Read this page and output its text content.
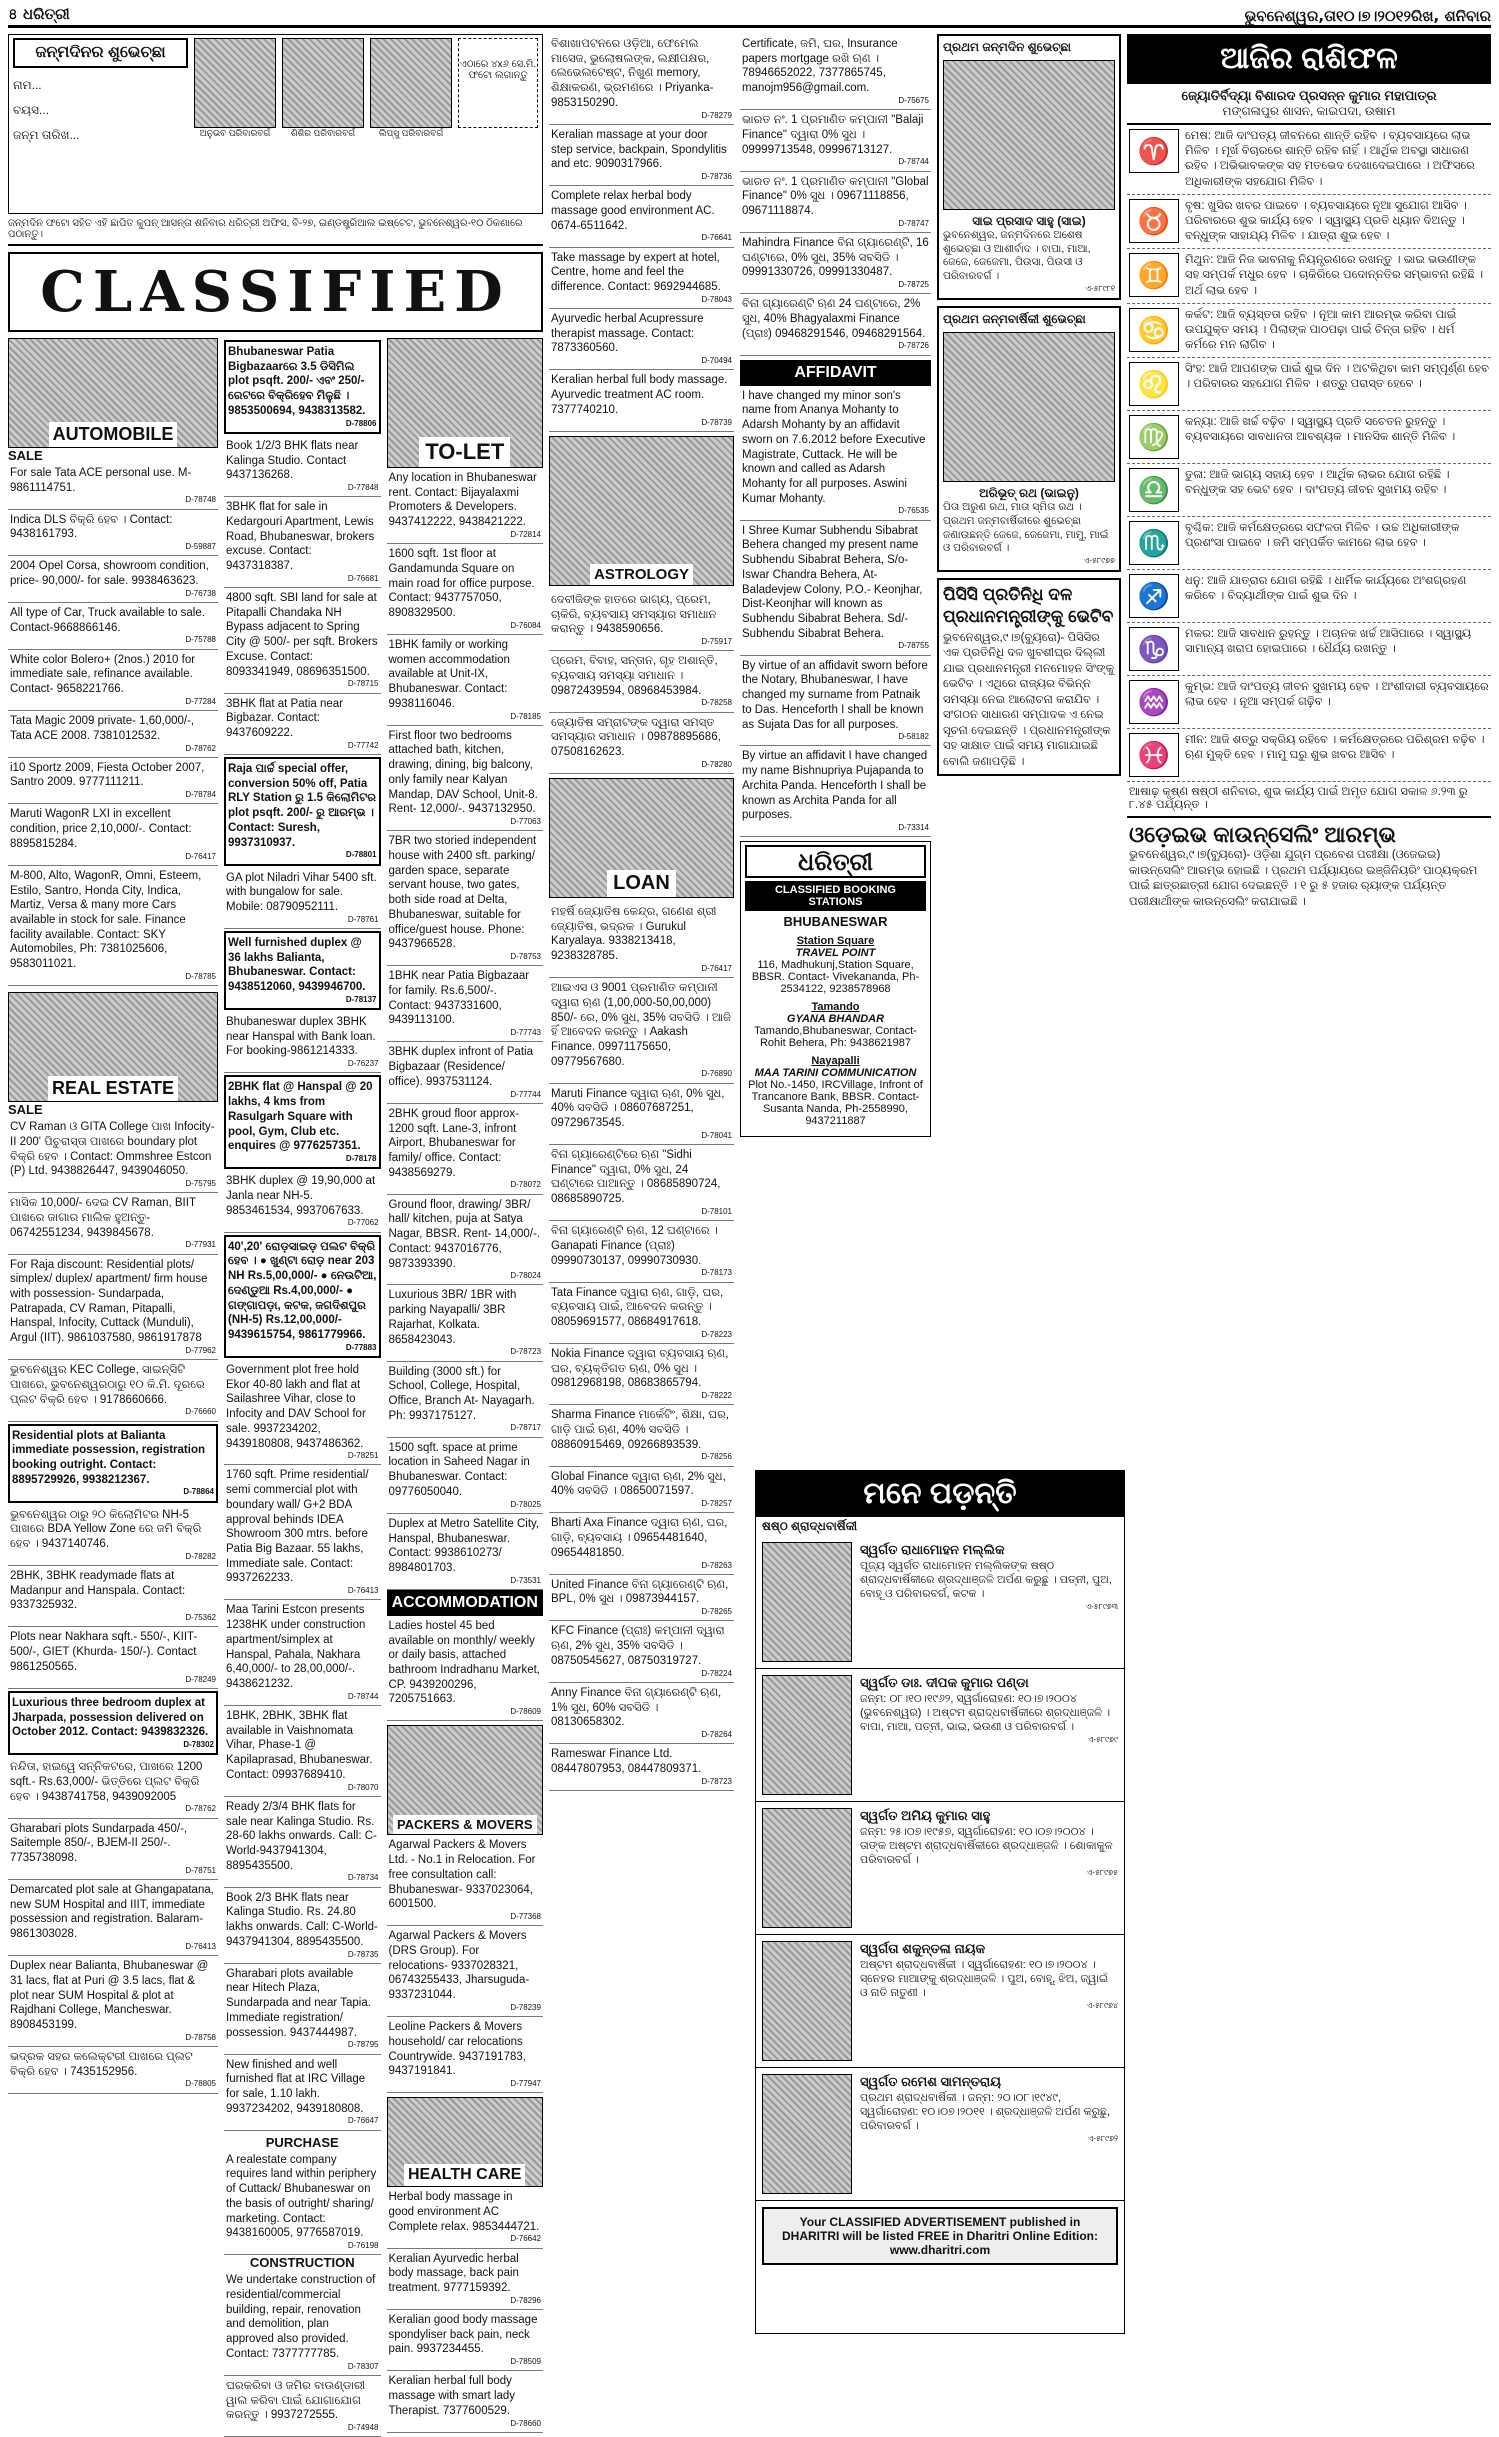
৪ ଧରିତ୍ରୀ	ଭୁବନେଶ୍ୱର,ତା୧୦।୭।୨୦୧୨ରିଖ, ଶନିବାର
ଜନ୍ମଦିନର ଶୁଭେଚ୍ଛା
ନାମ...
ବୟସ...
ଜନ୍ମ ତାରିଖ...	ଅନୁଭବ ପରିବାରବର୍ଗ	ଶିଶିର ପରିବାରବର୍ଗ	ଲିପ୍ସୁ ପରିବାରବର୍ଗ
ଏଠାରେ ୪x୬ ସେ.ମି. ଫଟୋ ଲଗାନ୍ତୁ
ଜନ୍ମଦିନ ଫଟୋ ସହିତ ଏହି ଛାପିତ କୁପନ୍ ଆସନ୍ତା ଶନିବାର ଧରିତ୍ରୀ ଅଫିସ, ବି-୨୭, ଇଣ୍ଡଷ୍ଟ୍ରିଆଲ ଇଷ୍ଟେଟ, ଭୁବନେଶ୍ୱର-୧୦ ଠିକଣାରେ ପଠାନ୍ତୁ।
CLASSIFIED
AUTOMOBILE
SALE
For sale Tata ACE personal use. M- 9861114751.
D-78748
Indica DLS ବିକ୍ରି ହେବ । Contact: 9438161793.
D-59887
2004 Opel Corsa, showroom condition, price- 90,000/- for sale. 9938463623.
D-76738
All type of Car, Truck available to sale. Contact-9668866146.
D-75788
White color Bolero+ (2nos.) 2010 for immediate sale, refinance available. Contact- 9658221766.
D-77284
Tata Magic 2009 private- 1,60,000/-, Tata ACE 2008. 7381012532.
D-78762
i10 Sportz 2009, Fiesta October 2007, Santro 2009. 9777111211.
D-78784
Maruti WagonR LXI in excellent condition, price 2,10,000/-. Contact: 8895815284.
D-76417
M-800, Alto, WagonR, Omni, Esteem, Estilo, Santro, Honda City, Indica, Martiz, Versa & many more Cars available in stock for sale. Finance facility available. Contact: SKY Automobiles, Ph: 7381025606, 9583011021.
D-78785
REAL ESTATE
SALE
CV Raman ଓ GITA College ପାଖ Infocity-II 200' ପିଚୁରାସ୍ତା ପାଖରେ boundary plot ବିକ୍ରି ହେବ । Contact: Ommshree Estcon (P) Ltd. 9438826447, 9439046050.
D-75795
ମାସିକ 10,000/- ଦେଇ CV Raman, BIIT ପାଖରେ ଜାଗାର ମାଲିକ ହୁଅନ୍ତୁ- 06742551234, 9439845678.
D-77931
For Raja discount: Residential plots/ simplex/ duplex/ apartment/ firm house with possession- Sundarpada, Patrapada, CV Raman, Pitapalli, Hanspal, Infocity, Cuttack (Munduli), Argul (IIT). 9861037580, 9861917878
D-77962
ଭୁବନେଶ୍ୱର KEC College, ସାଇନ୍‌ସିଟି ପାଖରେ, ଭୁବନେଶ୍ୱରଠାରୁ ୧୦ କି.ମି. ଦୂରରେ ପ୍ଲଟ ବିକ୍ରି ହେବ । 9178660666.
D-76660
Residential plots at Balianta immediate possession, registration booking outright. Contact: 8895729926, 9938212367.
D-78864
ଭୁବନେଶ୍ୱର ଠାରୁ ୨୦ କିଲୋମିଟର NH-5 ପାଖରେ BDA Yellow Zone ରେ ଜମି ବିକ୍ରି ହେବ । 9437140746.
D-78282
2BHK, 3BHK readymade flats at Madanpur and Hanspala. Contact: 9337325932.
D-75362
Plots near Nakhara sqft.- 550/-, KIIT-500/-, GIET (Khurda- 150/-). Contact 9861250565.
D-78249
Luxurious three bedroom duplex at Jharpada, possession delivered on October 2012. Contact: 9439832326.
D-78302
ନନ୍ଦିତା, ହାଇୱେ ସନ୍ନିକଟରେ, ପାଖରେ 1200 sqft.- Rs.63,000/- ଭିତ୍ତିରେ ପ୍ଲଟ ବିକ୍ରି ହେବ । 9438741758, 9439092005
D-78762
Gharabari plots Sundarpada 450/-, Saitemple 850/-, BJEM-II 250/-. 7735738098.
D-78751
Demarcated plot sale at Ghangapatana, new SUM Hospital and IIIT, immediate possession and registration. Balaram- 9861303028.
D-76413
Duplex near Balianta, Bhubaneswar @ 31 lacs, flat at Puri @ 3.5 lacs, flat & plot near SUM Hospital & plot at Rajdhani College, Mancheswar. 8908453199.
D-78758
ଭଦ୍ରକ ସହର କଲେକ୍ଟରୀ ପାଖରେ ପ୍ଲଟ ବିକ୍ରି ହେବ । 7435152956.
D-78805
Bhubaneswar Patia Bigbazaarରେ 3.5 ଡିସିମିଲ plot psqft. 200/- ଏବଂ 250/- ରେଟରେ ବିକ୍ରିହେବ ମିଳୁଛି । 9853500694, 9438313582.
D-78806
Book 1/2/3 BHK flats near Kalinga Studio. Contact 9437136268.
D-77848
3BHK flat for sale in Kedargouri Apartment, Lewis Road, Bhubaneswar, brokers excuse. Contact: 9437318387.
D-76681
4800 sqft. SBI land for sale at Pitapalli Chandaka NH Bypass adjacent to Spring City @ 500/- per sqft. Brokers Excuse. Contact: 8093341949, 08696351500.
D-78715
3BHK flat at Patia near Bigbazar. Contact: 9437609222.
D-77742
Raja ପାର୍ଚ୍ଚ special offer, conversion 50% off, Patia RLY Station ରୁ 1.5 କିଲୋମିଟର plot psqft. 200/- ରୁ ଆରମ୍ଭ । Contact: Suresh, 9937310937.
D-78801
GA plot Niladri Vihar 5400 sft. with bungalow for sale. Mobile: 08790952111.
D-78761
Well furnished duplex @ 36 lakhs Balianta, Bhubaneswar. Contact: 9438512060, 9439946700.
D-78137
Bhubaneswar duplex 3BHK near Hanspal with Bank loan. For booking-9861214333.
D-76237
2BHK flat @ Hanspal @ 20 lakhs, 4 kms from Rasulgarh Square with pool, Gym, Club etc. enquires @ 9776257351.
D-78178
3BHK duplex @ 19,90,000 at Janla near NH-5. 9853461534, 9937067633.
D-77062
40',20' ରୋଡ଼ସାଇଡ଼ ପଲଟ ବିକ୍ରି ହେବ । ● ଖୁଣ୍ଟା ରୋଡ଼ near 203 NH Rs.5,00,000/- ● ନେଉଟିଆ, ଦେଣ୍ଡୁଆ Rs.4,00,000/- ● ଗଙ୍ଗାପଡ଼ା, କଟକ, ଜଗଦିଶପୁର (NH-5) Rs.12,00,000/- 9439615754, 9861779966.
D-77883
Government plot free hold Ekor 40-80 lakh and flat at Sailashree Vihar, close to Infocity and DAV School for sale. 9937234202, 9439180808, 9437486362.
D-78251
1760 sqft. Prime residential/ semi commercial plot with boundary wall/ G+2 BDA approval behinds IDEA Showroom 300 mtrs. before Patia Big Bazaar. 55 lakhs, Immediate sale. Contact: 9937262233.
D-76413
Maa Tarini Estcon presents 1238HK under construction apartment/simplex at Hanspal, Pahala, Nakhara 6,40,000/- to 28,00,000/-. 9438621232.
D-78744
1BHK, 2BHK, 3BHK flat available in Vaishnomata Vihar, Phase-1 @ Kapilaprasad, Bhubaneswar. Contact: 09937689410.
D-78070
Ready 2/3/4 BHK flats for sale near Kalinga Studio. Rs. 28-60 lakhs onwards. Call: C-World-9437941304, 8895435500.
D-78734
Book 2/3 BHK flats near Kalinga Studio. Rs. 24.80 lakhs onwards. Call: C-World-9437941304, 8895435500.
D-78735
Gharabari plots available near Hitech Plaza, Sundarpada and near Tapia. Immediate registration/ possession. 9437444987.
D-78795
New finished and well furnished flat at IRC Village for sale, 1.10 lakh. 9937234202, 9439180808.
D-76647
PURCHASE
A realestate company requires land within periphery of Cuttack/ Bhubaneswar on the basis of outright/ sharing/ marketing. Contact: 9438160005, 9776587019.
D-76198
CONSTRUCTION
We undertake construction of residential/commercial building, repair, renovation and demolition, plan approved also provided. Contact: 7377777785.
D-78307
ଘରକରିବା ଓ ଜମିର ବାଉଣ୍ଡାରୀ ୱାଲ କରିବା ପାଇଁ ଯୋଗାଯୋଗ କରନ୍ତୁ । 9937272555.
D-74948
TO-LET
Any location in Bhubaneswar rent. Contact: Bijayalaxmi Promoters & Developers. 9437412222, 9438421222.
D-72814
1600 sqft. 1st floor at Gandamunda Square on main road for office purpose. Contact: 9437757050, 8908329500.
D-76084
1BHK family or working women accommodation available at Unit-IX, Bhubaneswar. Contact: 9938116046.
D-78185
First floor two bedrooms attached bath, kitchen, drawing, dining, big balcony, only family near Kalyan Mandap, DAV School, Unit-8. Rent- 12,000/-. 9437132950.
D-77063
7BR two storied independent house with 2400 sft. parking/ garden space, separate servant house, two gates, both side road at Delta, Bhubaneswar, suitable for office/guest house. Phone: 9437966528.
D-78753
1BHK near Patia Bigbazaar for family. Rs.6,500/-. Contact: 9437331600, 9439113100.
D-77743
3BHK duplex infront of Patia Bigbazaar (Residence/ office). 9937531124.
D-77744
2BHK groud floor approx- 1200 sqft. Lane-3, infront Airport, Bhubaneswar for family/ office. Contact: 9438569279.
D-78072
Ground floor, drawing/ 3BR/ hall/ kitchen, puja at Satya Nagar, BBSR. Rent- 14,000/-. Contact: 9437016776, 9873393390.
D-78024
Luxurious 3BR/ 1BR with parking Nayapalli/ 3BR Rajarhat, Kolkata. 8658423043.
D-78723
Building (3000 sft.) for School, College, Hospital, Office, Branch At- Nayagarh. Ph: 9937175127.
D-78717
1500 sqft. space at prime location in Saheed Nagar in Bhubaneswar. Contact: 09776050040.
D-78025
Duplex at Metro Satellite City, Hanspal, Bhubaneswar. Contact: 9938610273/ 8984801703.
D-73531
ACCOMMODATION
Ladies hostel 45 bed available on monthly/ weekly or daily basis, attached bathroom Indradhanu Market, CP. 9439200296, 7205751663.
D-78609
PACKERS & MOVERS
Agarwal Packers & Movers Ltd. - No.1 in Relocation. For free consultation call: Bhubaneswar- 9337023064, 6001500.
D-77368
Agarwal Packers & Movers (DRS Group). For relocations- 9337028321, 06743255433, Jharsuguda- 9337231044.
D-78239
Leoline Packers & Movers household/ car relocations Countrywide. 9437191783, 9437191841.
D-77947
HEALTH CARE
Herbal body massage in good environment AC Complete relax. 9853444721.
D-76642
Keralian Ayurvedic herbal body massage, back pain treatment. 9777159392.
D-78296
Keralian good body massage spondyliser back pain, neck pain. 9937234455.
D-78509
Keralian herbal full body massage with smart lady Therapist. 7377600529.
D-78660
ବିଶାଖାପଟନରେ ଓଡ଼ିଆ, ଫେମେଲ ମାସେଜ, ଭୁଲୋଷଲଙ୍କ, ଲକ୍ଷୀପକ୍ଷର, ଲେଭେଲଟେଷ୍ଟ, ନିଖୁଣ memory, ଶିକ୍ଷାକରଣ, ଭ୍ରମଣରେ । Priyanka- 9853150290.
D-78279
Keralian massage at your door step service, backpain, Spondylitis and etc. 9090317966.
D-78736
Complete relax herbal body massage good environment AC. 0674-6511642.
D-76641
Take massage by expert at hotel, Centre, home and feel the difference. Contact: 9692944685.
D-78043
Ayurvedic herbal Acupressure therapist massage. Contact: 7873360560.
D-70494
Keralian herbal full body massage. Ayurvedic treatment AC room. 7377740210.
D-78739
ASTROLOGY
ଦେବୀଜିଙ୍କ ହାତରେ ଭାଗ୍ୟ, ପ୍ରେମ, ଚାକିରି, ବ୍ୟବସାୟ ସମସ୍ୟାର ସମାଧାନ କରାନ୍ତୁ । 9438590656.
D-75917
ପ୍ରେମ, ବିବାହ, ସନ୍ତାନ, ଗୃହ ଅଶାନ୍ତି, ବ୍ୟବସାୟ ସମସ୍ୟା ସମାଧାନ । 09872439594, 08968453984.
D-78258
ଜ୍ୟୋତିଷ ସମ୍ରାଟଙ୍କ ଦ୍ୱାରା ସମସ୍ତ ସମସ୍ୟାର ସମାଧାନ । 09878895686, 07508162623.
D-78280
LOAN
ମହର୍ଷି ଜ୍ୟୋତିଷ କେନ୍ଦ୍ର, ଗଣେଶ ଶ୍ରୀ ଜ୍ୟୋତିଷ, ଭଦ୍ରକ । Gurukul Karyalaya. 9338213418, 9238328785.
D-76417
ଆଇଏସ ଓ 9001 ପ୍ରମାଣିତ କମ୍ପାନୀ ଦ୍ୱାରା ଋଣ (1,00,000-50,00,000) 850/- ରେ, 0% ସୁଧ, 35% ସବସିଡି । ଆଜି ହିଁ ଆବେଦନ କରନ୍ତୁ । Aakash Finance. 09971175650, 09779567680.
D-76890
Maruti Finance ଦ୍ୱାରା ଋଣ, 0% ସୁଧ, 40% ସବସିଡି । 08607687251, 09729673545.
D-78041
ବିନା ଗ୍ୟାରେଣ୍ଟିରେ ଋଣ "Sidhi Finance" ଦ୍ୱାରା, 0% ସୁଧ, 24 ଘଣ୍ଟାରେ ପାଆନ୍ତୁ । 08685890724, 08685890725.
D-78101
ବିନା ଗ୍ୟାରେଣ୍ଟି ଋଣ, 12 ଘଣ୍ଟାରେ । Ganapati Finance (ପ୍ରାଃ) 09990730137, 09990730930.
D-78173
Tata Finance ଦ୍ୱାରା ଋଣ, ଗାଡ଼ି, ଘର, ବ୍ୟବସାୟ ପାଇଁ, ଆବେଦନ କରନ୍ତୁ । 08059691577, 08684917618.
D-78223
Nokia Finance ଦ୍ୱାରା ବ୍ୟବସାୟ ଋଣ, ଘର, ବ୍ୟକ୍ତିଗତ ଋଣ, 0% ସୁଧ । 09812968198, 08683865794.
D-78222
Sharma Finance ମାର୍କେଟିଂ, ଶିକ୍ଷା, ଘର, ଗାଡ଼ି ପାଇଁ ଋଣ, 40% ସବସିଡି । 08860915469, 09266893539.
D-78256
Global Finance ଦ୍ୱାରା ଋଣ, 2% ସୁଧ, 40% ସବସିଡି । 08650071597.
D-78257
Bharti Axa Finance ଦ୍ୱାରା ଋଣ, ଘର, ଗାଡ଼ି, ବ୍ୟବସାୟ । 09654481640, 09654481850.
D-78263
United Finance ବିନା ଗ୍ୟାରେଣ୍ଟି ଋଣ, BPL, 0% ସୁଧ । 09873944157.
D-78265
KFC Finance (ପ୍ରାଃ) କମ୍ପାନୀ ଦ୍ୱାରା ଋଣ, 2% ସୁଧ, 35% ସବସିଡି । 08750545627, 08750319727.
D-78224
Anny Finance ବିନା ଗ୍ୟାରେଣ୍ଟି ଋଣ, 1% ସୁଧ, 60% ସବସିଡି । 08130658302.
D-78264
Rameswar Finance Ltd. 08447807953, 08447809371.
D-78723
Certificate, ଜମି, ଘର, Insurance papers mortgage ରଖି ଋଣ । 78946652022, 7377865745, manojm956@gmail.com.
D-75675
ଭାରତ ନଂ. 1 ପ୍ରମାଣିତ କମ୍ପାନୀ "Balaji Finance" ଦ୍ୱାରା 0% ସୁଧ । 09999713548, 09996713127.
D-78744
ଭାରତ ନଂ. 1 ପ୍ରମାଣିତ କମ୍ପାନୀ "Global Finance" 0% ସୁଧ । 09671118856, 09671118874.
D-78747
Mahindra Finance ବିନା ଗ୍ୟାରେଣ୍ଟି, 16 ଘଣ୍ଟାରେ, 0% ସୁଧ, 35% ସବସିଡି । 09991330726, 09991330487.
D-78725
ବିନା ଗ୍ୟାରେଣ୍ଟି ଋଣ 24 ଘଣ୍ଟାରେ, 2% ସୁଧ, 40% Bhagyalaxmi Finance (ପ୍ରାଃ) 09468291546, 09468291564.
D-78726
AFFIDAVIT
I have changed my minor son's name from Ananya Mohanty to Adarsh Mohanty by an affidavit sworn on 7.6.2012 before Executive Magistrate, Cuttack. He will be known and called as Adarsh Mohanty for all purposes. Aswini Kumar Mohanty.
D-76535
I Shree Kumar Subhendu Sibabrat Behera changed my present name Subhendu Sibabrat Behera, S/o- Iswar Chandra Behera, At- Baladevjew Colony, P.O.- Keonjhar, Dist-Keonjhar will known as Subhendu Sibabrat Behera. Sd/- Subhendu Sibabrat Behera.
D-78755
By virtue of an affidavit sworn before the Notary, Bhubaneswar, I have changed my surname from Patnaik to Das. Henceforth I shall be known as Sujata Das for all purposes.
D-58182
By virtue an affidavit I have changed my name Bishnupriya Pujapanda to Archita Panda. Henceforth I shall be known as Archita Panda for all purposes.
D-73314
ଧରିତ୍ରୀ
CLASSIFIED BOOKING STATIONS
BHUBANESWAR
Station Square
TRAVEL POINT
116, Madhukunj,Station Square, BBSR. Contact- Vivekananda, Ph-2534122, 9238578968
Tamando
GYANA BHANDAR
Tamando,Bhubaneswar, Contact-Rohit Behera, Ph: 9438621987
Nayapalli
MAA TARINI COMMUNICATION
Plot No.-1450, IRCVillage, Infront of Trancanore Bank, BBSR. Contact-Susanta Nanda, Ph-2558990, 9437211887
ପ୍ରଥମ ଜନ୍ମଦିନ ଶୁଭେଚ୍ଛା
ସାଇ ପ୍ରସାଦ ସାହୁ (ସାଇ)
ଭୁବନେଶ୍ୱର, ଜନ୍ମଦିନରେ ଅଶେଷ ଶୁଭେଚ୍ଛା ଓ ଆଶୀର୍ବାଦ । ବାପା, ମାଆ, ଜେଜେ, ଜେଜେମା, ପିଉସା, ପିଉସୀ ଓ ପରିବାରବର୍ଗ ।
ଏ-୫୮୯୮୧
ପ୍ରଥମ ଜନ୍ମବାର୍ଷିକୀ ଶୁଭେଚ୍ଛା
ଅରିଭୂତ୍ ରଥ (ଭାଇନୁ)
ପିତା ଅରୁଣ ରଥ, ମାତା ସ୍ମିତା ରଥ । ପ୍ରଥମ ଜନ୍ମବାର୍ଷିକୀରେ ଶୁଭେଚ୍ଛା ଜଣାଉଛନ୍ତି ଜେଜେ, ଜେଜେମା, ମାମୁ, ମାଇଁ ଓ ପରିବାରବର୍ଗ ।
ଏ-୫୮୯୭୭
ପିସିସି ପ୍ରତିନିଧି ଦଳ ପ୍ରଧାନମନ୍ତ୍ରୀଙ୍କୁ ଭେଟିବ
ଭୁବନେଶ୍ୱର,୯।୭(ବ୍ୟୁରୋ)- ପିସିସିର ଏକ ପ୍ରତିନିଧି ଦଳ ଖୁବଶୀଘ୍ର ଦିଲ୍ଲୀ ଯାଇ ପ୍ରଧାନମନ୍ତ୍ରୀ ମନମୋହନ ସିଂଙ୍କୁ ଭେଟିବ । ଏଥିରେ ରାଜ୍ୟର ବିଭିନ୍ନ ସମସ୍ୟା ନେଇ ଆଲୋଚନା କରାଯିବ । ସଂଗଠନ ସାଧାରଣ ସମ୍ପାଦକ ଏ ନେଇ ସୂଚନା ଦେଇଛନ୍ତି । ପ୍ରଧାନମନ୍ତ୍ରୀଙ୍କ ସହ ସାକ୍ଷାତ ପାଇଁ ସମୟ ମାଗାଯାଇଛି ବୋଲି ଜଣାପଡ଼ିଛି ।
ଆଜିର ରାଶିଫଳ
ଜ୍ୟୋତିର୍ବିଦ୍ୟା ବିଶାରଦ ପ୍ରସନ୍ନ କୁମାର ମହାପାତ୍ର
ମଙ୍ଗଳାପୁର ଶାସନ, କାଇପଦା, ଉଷାମ
♈	ମେଷ: ଆଜି ଦାଂପତ୍ୟ ଜୀବନରେ ଶାନ୍ତି ରହିବ । ବ୍ୟବସାୟରେ ଲାଭ ମିଳିବ । ମୂର୍ଖ ବିଚାରରେ ଶାନ୍ତି ରହିବ ନାହିଁ । ଆର୍ଥିକ ଅବସ୍ଥା ସାଧାରଣ ରହିବ । ଅଭିଭାବକଙ୍କ ସହ ମତଭେଦ ଦେଖାଦେଇପାରେ । ଅଫିସରେ ଅଧିକାରୀଙ୍କ ସହଯୋଗ ମିଳିବ ।
♉	ବୃଷ: ଖୁସିର ଖବର ପାଇବେ । ବ୍ୟବସାୟରେ ନୂଆ ସୁଯୋଗ ଆସିବ । ପରିବାରରେ ଶୁଭ କାର୍ଯ୍ୟ ହେବ । ସ୍ୱାସ୍ଥ୍ୟ ପ୍ରତି ଧ୍ୟାନ ଦିଅନ୍ତୁ । ବନ୍ଧୁଙ୍କ ସାହାଯ୍ୟ ମିଳିବ । ଯାତ୍ରା ଶୁଭ ହେବ ।
♊	ମିଥୁନ: ଆଜି ନିଜ ଭାବନାକୁ ନିୟନ୍ତ୍ରଣରେ ରଖନ୍ତୁ । ଭାଇ ଭଉଣୀଙ୍କ ସହ ସମ୍ପର୍କ ମଧୁର ହେବ । ଚାକିରିରେ ପଦୋନ୍ନତିର ସମ୍ଭାବନା ରହିଛି । ଅର୍ଥ ଲାଭ ହେବ ।
♋	କର୍କଟ: ଆଜି ବ୍ୟସ୍ତତା ରହିବ । ନୂଆ କାମ ଆରମ୍ଭ କରିବା ପାଇଁ ଉପଯୁକ୍ତ ସମୟ । ପିଲାଙ୍କ ପାଠପଢ଼ା ପାଇଁ ଚିନ୍ତା ରହିବ । ଧର୍ମ କର୍ମରେ ମନ ଲାଗିବ ।
♌	ସିଂହ: ଆଜି ଆପଣଙ୍କ ପାଇଁ ଶୁଭ ଦିନ । ଅଟକିଥିବା କାମ ସମ୍ପୂର୍ଣ୍ଣ ହେବ । ପରିବାରର ସହଯୋଗ ମିଳିବ । ଶତ୍ରୁ ପରାସ୍ତ ହେବେ ।
♍	କନ୍ୟା: ଆଜି ଖର୍ଚ୍ଚ ବଢ଼ିବ । ସ୍ୱାସ୍ଥ୍ୟ ପ୍ରତି ସଚେତନ ରୁହନ୍ତୁ । ବ୍ୟବସାୟରେ ସାବଧାନତା ଆବଶ୍ୟକ । ମାନସିକ ଶାନ୍ତି ମିଳିବ ।
♎	ତୁଳା: ଆଜି ଭାଗ୍ୟ ସହାୟ ହେବ । ଆର୍ଥିକ ଲାଭର ଯୋଗ ରହିଛି । ବନ୍ଧୁଙ୍କ ସହ ଭେଟ ହେବ । ଦାଂପତ୍ୟ ଜୀବନ ସୁଖମୟ ରହିବ ।
♏	ବୃଶ୍ଚିକ: ଆଜି କର୍ମକ୍ଷେତ୍ରରେ ସଫଳତା ମିଳିବ । ଉଚ୍ଚ ଅଧିକାରୀଙ୍କ ପ୍ରଶଂସା ପାଇବେ । ଜମି ସମ୍ପର୍କିତ କାମରେ ଲାଭ ହେବ ।
♐	ଧନୁ: ଆଜି ଯାତ୍ରାର ଯୋଗ ରହିଛି । ଧାର୍ମିକ କାର୍ଯ୍ୟରେ ଅଂଶଗ୍ରହଣ କରିବେ । ବିଦ୍ୟାର୍ଥୀଙ୍କ ପାଇଁ ଶୁଭ ଦିନ ।
♑	ମକର: ଆଜି ସାବଧାନ ରୁହନ୍ତୁ । ଅଚାନକ ଖର୍ଚ୍ଚ ଆସିପାରେ । ସ୍ୱାସ୍ଥ୍ୟ ସାମାନ୍ୟ ଖରାପ ହୋଇପାରେ । ଧୈର୍ଯ୍ୟ ରଖନ୍ତୁ ।
♒	କୁମ୍ଭ: ଆଜି ଦାଂପତ୍ୟ ଜୀବନ ସୁଖମୟ ହେବ । ଅଂଶୀଦାରୀ ବ୍ୟବସାୟରେ ଲାଭ ହେବ । ନୂଆ ସମ୍ପର୍କ ଗଢ଼ିବ ।
♓	ମୀନ: ଆଜି ଶତ୍ରୁ ସକ୍ରିୟ ରହିବେ । କର୍ମକ୍ଷେତ୍ରରେ ପରିଶ୍ରମ ବଢ଼ିବ । ଋଣ ମୁକ୍ତି ହେବ । ମାମୁ ଘରୁ ଶୁଭ ଖବର ଆସିବ ।
ଆଷାଢ଼ କୃଷ୍ଣ ଷଷ୍ଠୀ ଶନିବାର, ଶୁଭ କାର୍ଯ୍ୟ ପାଇଁ ଅମୃତ ଯୋଗ ସକାଳ ୬.୨୩ ରୁ ୮.୪୫ ପର୍ଯ୍ୟନ୍ତ ।
ଓଡ଼େଇଭ କାଉନ୍ସେଲିଂ ଆରମ୍ଭ
ଭୁବନେଶ୍ୱର,୯।୭(ବ୍ୟୁରୋ)- ଓଡ଼ିଶା ଯୁଗ୍ମ ପ୍ରବେଶ ପରୀକ୍ଷା (ଓଜେଇଇ) କାଉନ୍ସେଲିଂ ଆରମ୍ଭ ହୋଇଛି । ପ୍ରଥମ ପର୍ଯ୍ୟାୟରେ ଇଞ୍ଜିନିୟରିଂ ପାଠ୍ୟକ୍ରମ ପାଇଁ ଛାତ୍ରଛାତ୍ରୀ ଯୋଗ ଦେଇଛନ୍ତି । ୧ ରୁ ୫ ହଜାର ର‌୍ୟାଙ୍କ ପର୍ଯ୍ୟନ୍ତ ପରୀକ୍ଷାର୍ଥୀଙ୍କ କାଉନ୍ସେଲିଂ କରାଯାଇଛି ।
ମନେ ପଡ଼ନ୍ତି
ଷଷ୍ଠ ଶ୍ରାଦ୍ଧବାର୍ଷିକୀ
ସ୍ୱର୍ଗତ ରାଧାମୋହନ ମଲ୍ଲିକ
ପୂଜ୍ୟ ସ୍ୱର୍ଗତ ରାଧାମୋହନ ମଲ୍ଲିକଙ୍କ ଷଷ୍ଠ ଶ୍ରାଦ୍ଧବାର୍ଷିକୀରେ ଶ୍ରଦ୍ଧାଞ୍ଜଳି ଅର୍ପଣ କରୁଛୁ । ପତ୍ନୀ, ପୁଅ, ବୋହୂ ଓ ପରିବାରବର୍ଗ, କଟକ ।
ଏ-୫୮୯୭୩
ସ୍ୱର୍ଗତ ଡାଃ. ଦୀପକ କୁମାର ପଣ୍ଡା
ଜନ୍ମ: ୦୮।୧୦।୧୯୬୨, ସ୍ୱର୍ଗାରୋହଣ: ୧୦।୭।୨୦୦୪ (ଭୁବନେଶ୍ୱର) । ଅଷ୍ଟମ ଶ୍ରାଦ୍ଧବାର୍ଷିକୀରେ ଶ୍ରଦ୍ଧାଞ୍ଜଳି । ବାପା, ମାଆ, ପତ୍ନୀ, ଭାଇ, ଭଉଣୀ ଓ ପରିବାରବର୍ଗ ।
ଏ-୫୮୯୭୯
ସ୍ୱର୍ଗତ ଅମିୟ କୁମାର ସାହୁ
ଜନ୍ମ: ୨୫।୦୭।୧୯୫୭, ସ୍ୱର୍ଗାରୋହଣ: ୧୦।୦୭।୨୦୦୪ । ତାଙ୍କ ଅଷ୍ଟମ ଶ୍ରାଦ୍ଧବାର୍ଷିକୀରେ ଶ୍ରଦ୍ଧାଞ୍ଜଳି । ଶୋକାକୁଳ ପରିବାରବର୍ଗ ।
ଏ-୫୮୯୭୫
ସ୍ୱର୍ଗତା ଶକୁନ୍ତଳା ନାୟକ
ଅଷ୍ଟମ ଶ୍ରାଦ୍ଧବାର୍ଷିକୀ । ସ୍ୱର୍ଗାରୋହଣ: ୧୦।୭।୨୦୦୪ । ସ୍ନେହର ମାଆଙ୍କୁ ଶ୍ରଦ୍ଧାଞ୍ଜଳି । ପୁଅ, ବୋହୂ, ଝିଅ, ଜ୍ୱାଇଁ ଓ ନାତି ନାତୁଣୀ ।
ଏ-୫୮୯୭୪
ସ୍ୱର୍ଗତ ରମେଶ ସାମନ୍ତରାୟ
ପ୍ରଥମ ଶ୍ରାଦ୍ଧବାର୍ଷିକୀ । ଜନ୍ମ: ୨୦।୦୮।୧୯୪୯, ସ୍ୱର୍ଗାରୋହଣ: ୧୦।୦୭।୨୦୧୧ । ଶ୍ରଦ୍ଧାଞ୍ଜଳି ଅର୍ପଣ କରୁଛୁ, ପରିବାରବର୍ଗ ।
ଏ-୫୮୯୭୨
Your CLASSIFIED ADVERTISEMENT published in DHARITRI will be listed FREE in Dharitri Online Edition: www.dharitri.com
